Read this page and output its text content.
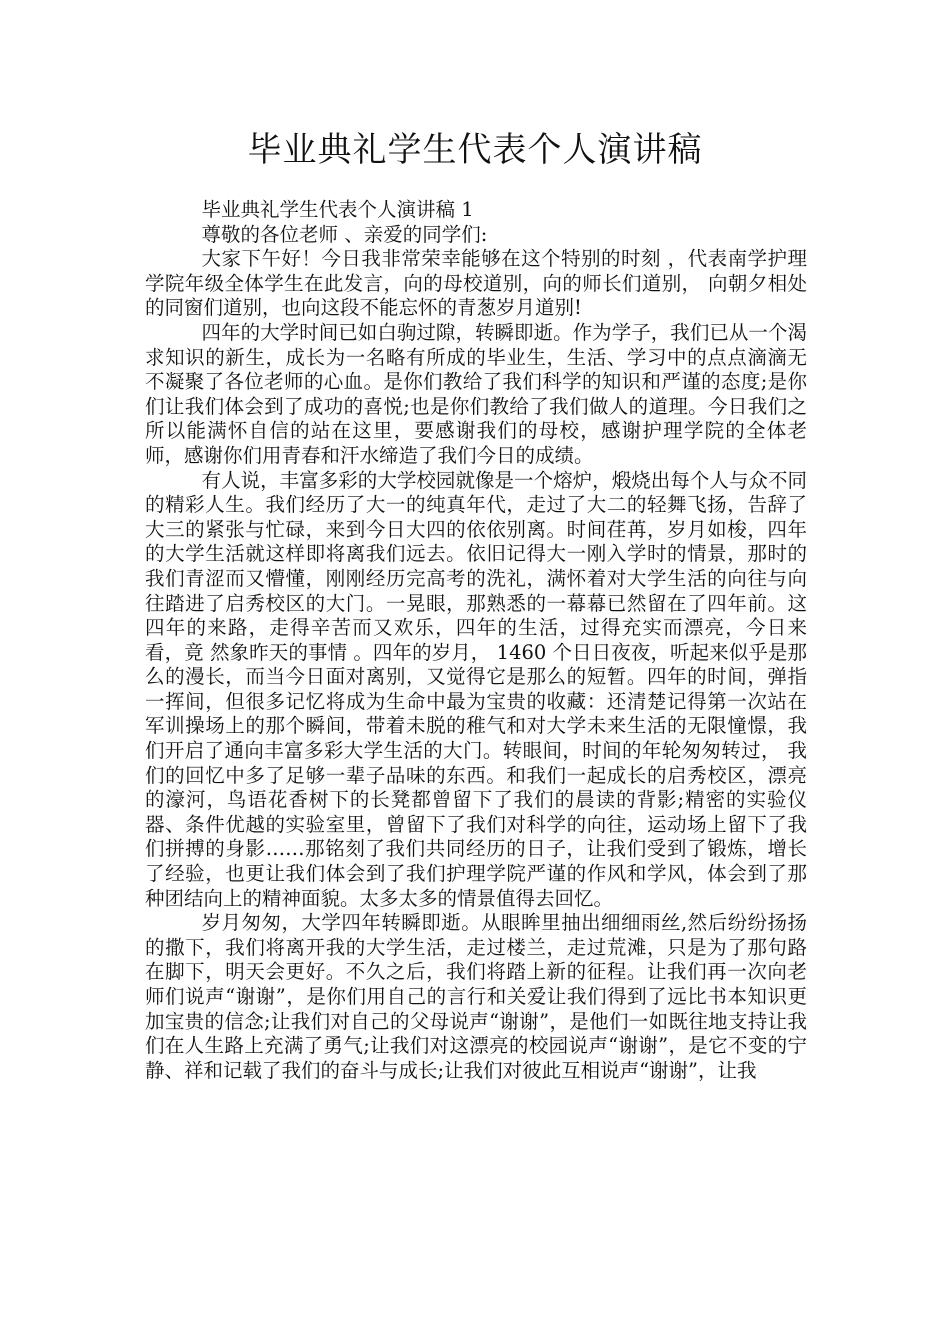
毕业典礼学生代表个人演讲稿

毕业典礼学生代表个人演讲稿 1

尊敬的各位老师 、亲爱的同学们:

大家下午好！今日我非常荣幸能够在这个特别的时刻 ，代表南学护理学院年级全体学生在此发言，向的母校道别，向的师长们道别， 向朝夕相处的同窗们道别，也向这段不能忘怀的青葱岁月道别!

四年的大学时间已如白驹过隙，转瞬即逝。作为学子，我们已从一个渴求知识的新生，成长为一名略有所成的毕业生，生活、学习中的点点滴滴无不凝聚了各位老师的心血。是你们教给了我们科学的知识和严谨的态度;是你们让我们体会到了成功的喜悦;也是你们教给了我们做人的道理。今日我们之所以能满怀自信的站在这里，要感谢我们的母校，感谢护理学院的全体老师，感谢你们用青春和汗水缔造了我们今日的成绩。

有人说，丰富多彩的大学校园就像是一个熔炉，煅烧出每个人与众不同的精彩人生。我们经历了大一的纯真年代，走过了大二的轻舞飞扬，告辞了大三的紧张与忙碌，来到今日大四的依依别离。时间荏苒，岁月如梭，四年的大学生活就这样即将离我们远去。依旧记得大一刚入学时的情景，那时的我们青涩而又懵懂，刚刚经历完高考的洗礼，满怀着对大学生活的向往与向往踏进了启秀校区的大门。一晃眼，那熟悉的一幕幕已然留在了四年前。这四年的来路，走得辛苦而又欢乐，四年的生活，过得充实而漂亮，今日来看，竟 然象昨天的事情 。四年的岁月， 1460 个日日夜夜，听起来似乎是那么的漫长，而当今日面对离别，又觉得它是那么的短暂。四年的时间，弹指一挥间，但很多记忆将成为生命中最为宝贵的收藏：还清楚记得第一次站在军训操场上的那个瞬间，带着未脱的稚气和对大学未来生活的无限憧憬，我们开启了通向丰富多彩大学生活的大门。转眼间，时间的年轮匆匆转过， 我们的回忆中多了足够一辈子品味的东西。和我们一起成长的启秀校区，漂亮的濠河，鸟语花香树下的长凳都曾留下了我们的晨读的背影;精密的实验仪器、条件优越的实验室里，曾留下了我们对科学的向往，运动场上留下了我们拼搏的身影……那铭刻了我们共同经历的日子，让我们受到了锻炼，增长了经验，也更让我们体会到了我们护理学院严谨的作风和学风，体会到了那种团结向上的精神面貌。太多太多的情景值得去回忆。

岁月匆匆，大学四年转瞬即逝。从眼眸里抽出细细雨丝,然后纷纷扬扬的撒下，我们将离开我的大学生活，走过楼兰，走过荒滩，只是为了那句路在脚下，明天会更好。不久之后，我们将踏上新的征程。让我们再一次向老师们说声“谢谢”，是你们用自己的言行和关爱让我们得到了远比书本知识更加宝贵的信念;让我们对自己的父母说声“谢谢”，是他们一如既往地支持让我们在人生路上充满了勇气;让我们对这漂亮的校园说声“谢谢”，是它不变的宁静、祥和记载了我们的奋斗与成长;让我们对彼此互相说声“谢谢”，让我
